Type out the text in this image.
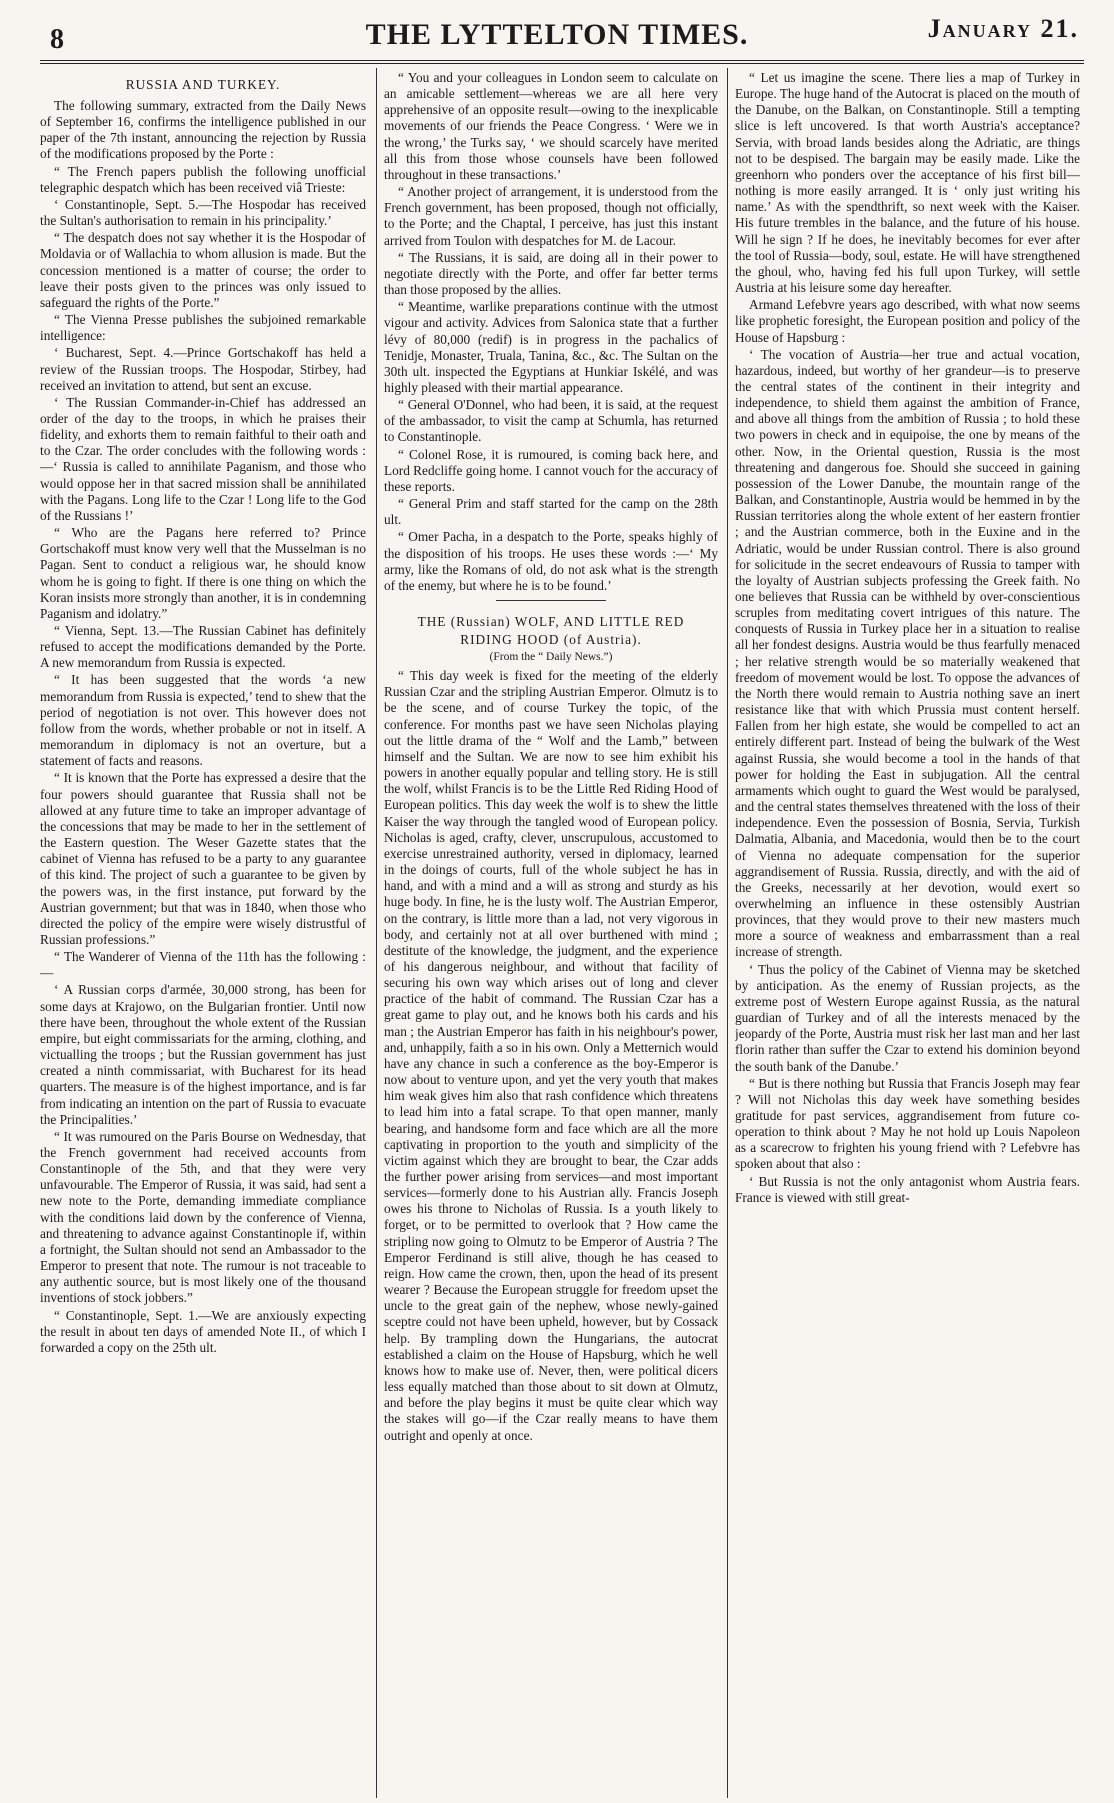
8	THE LYTTELTON TIMES.	January 21.
RUSSIA AND TURKEY.

The following summary, extracted from the Daily News of September 16, confirms the intelligence published in our paper of the 7th instant, announcing the rejection by Russia of the modifications proposed by the Porte :

“ The French papers publish the following unofficial telegraphic despatch which has been received viâ Trieste:

‘ Constantinople, Sept. 5.—The Hospodar has received the Sultan's authorisation to remain in his principality.’

“ The despatch does not say whether it is the Hospodar of Moldavia or of Wallachia to whom allusion is made. But the concession mentioned is a matter of course; the order to leave their posts given to the princes was only issued to safeguard the rights of the Porte.”

“ The Vienna Presse publishes the subjoined remarkable intelligence:

‘ Bucharest, Sept. 4.—Prince Gortschakoff has held a review of the Russian troops. The Hospodar, Stirbey, had received an invitation to attend, but sent an excuse.

‘ The Russian Commander-in-Chief has addressed an order of the day to the troops, in which he praises their fidelity, and exhorts them to remain faithful to their oath and to the Czar. The order concludes with the following words :—‘ Russia is called to annihilate Paganism, and those who would oppose her in that sacred mission shall be annihilated with the Pagans. Long life to the Czar ! Long life to the God of the Russians !’

“ Who are the Pagans here referred to? Prince Gortschakoff must know very well that the Musselman is no Pagan. Sent to conduct a religious war, he should know whom he is going to fight. If there is one thing on which the Koran insists more strongly than another, it is in condemning Paganism and idolatry.”

“ Vienna, Sept. 13.—The Russian Cabinet has definitely refused to accept the modifications demanded by the Porte. A new memorandum from Russia is expected.

“ It has been suggested that the words ‘a new memorandum from Russia is expected,’ tend to shew that the period of negotiation is not over. This however does not follow from the words, whether probable or not in itself. A memorandum in diplomacy is not an overture, but a statement of facts and reasons.

“ It is known that the Porte has expressed a desire that the four powers should guarantee that Russia shall not be allowed at any future time to take an improper advantage of the concessions that may be made to her in the settlement of the Eastern question. The Weser Gazette states that the cabinet of Vienna has refused to be a party to any guarantee of this kind. The project of such a guarantee to be given by the powers was, in the first instance, put forward by the Austrian government; but that was in 1840, when those who directed the policy of the empire were wisely distrustful of Russian professions.”

“ The Wanderer of Vienna of the 11th has the following :—

‘ A Russian corps d'armée, 30,000 strong, has been for some days at Krajowo, on the Bulgarian frontier. Until now there have been, throughout the whole extent of the Russian empire, but eight commissariats for the arming, clothing, and victualling the troops ; but the Russian government has just created a ninth commissariat, with Bucharest for its head quarters. The measure is of the highest importance, and is far from indicating an intention on the part of Russia to evacuate the Principalities.’

“ It was rumoured on the Paris Bourse on Wednesday, that the French government had received accounts from Constantinople of the 5th, and that they were very unfavourable. The Emperor of Russia, it was said, had sent a new note to the Porte, demanding immediate compliance with the conditions laid down by the conference of Vienna, and threatening to advance against Constantinople if, within a fortnight, the Sultan should not send an Ambassador to the Emperor to present that note. The rumour is not traceable to any authentic source, but is most likely one of the thousand inventions of stock jobbers.”

“ Constantinople, Sept. 1.—We are anxiously expecting the result in about ten days of amended Note II., of which I forwarded a copy on the 25th ult.

“ You and your colleagues in London seem to calculate on an amicable settlement—whereas we are all here very apprehensive of an opposite result—owing to the inexplicable movements of our friends the Peace Congress. ‘ Were we in the wrong,’ the Turks say, ‘ we should scarcely have merited all this from those whose counsels have been followed throughout in these transactions.’

“ Another project of arrangement, it is understood from the French government, has been proposed, though not officially, to the Porte; and the Chaptal, I perceive, has just this instant arrived from Toulon with despatches for M. de Lacour.

“ The Russians, it is said, are doing all in their power to negotiate directly with the Porte, and offer far better terms than those proposed by the allies.

“ Meantime, warlike preparations continue with the utmost vigour and activity. Advices from Salonica state that a further lévy of 80,000 (redif) is in progress in the pachalics of Tenidje, Monaster, Truala, Tanina, &c., &c. The Sultan on the 30th ult. inspected the Egyptians at Hunkiar Iskélé, and was highly pleased with their martial appearance.

“ General O'Donnel, who had been, it is said, at the request of the ambassador, to visit the camp at Schumla, has returned to Constantinople.

“ Colonel Rose, it is rumoured, is coming back here, and Lord Redcliffe going home. I cannot vouch for the accuracy of these reports.

“ General Prim and staff started for the camp on the 28th ult.

“ Omer Pacha, in a despatch to the Porte, speaks highly of the disposition of his troops. He uses these words :—‘ My army, like the Romans of old, do not ask what is the strength of the enemy, but where he is to be found.’

THE (Russian) WOLF, AND LITTLE RED
RIDING HOOD (of Austria).
(From the “ Daily News.”)

“ This day week is fixed for the meeting of the elderly Russian Czar and the stripling Austrian Emperor. Olmutz is to be the scene, and of course Turkey the topic, of the conference. For months past we have seen Nicholas playing out the little drama of the “ Wolf and the Lamb,” between himself and the Sultan. We are now to see him exhibit his powers in another equally popular and telling story. He is still the wolf, whilst Francis is to be the Little Red Riding Hood of European politics. This day week the wolf is to shew the little Kaiser the way through the tangled wood of European policy. Nicholas is aged, crafty, clever, unscrupulous, accustomed to exercise unrestrained authority, versed in diplomacy, learned in the doings of courts, full of the whole subject he has in hand, and with a mind and a will as strong and sturdy as his huge body. In fine, he is the lusty wolf. The Austrian Emperor, on the contrary, is little more than a lad, not very vigorous in body, and certainly not at all over burthened with mind ; destitute of the knowledge, the judgment, and the experience of his dangerous neighbour, and without that facility of securing his own way which arises out of long and clever practice of the habit of command. The Russian Czar has a great game to play out, and he knows both his cards and his man ; the Austrian Emperor has faith in his neighbour's power, and, unhappily, faith a so in his own. Only a Metternich would have any chance in such a conference as the boy-Emperor is now about to venture upon, and yet the very youth that makes him weak gives him also that rash confidence which threatens to lead him into a fatal scrape. To that open manner, manly bearing, and handsome form and face which are all the more captivating in proportion to the youth and simplicity of the victim against which they are brought to bear, the Czar adds the further power arising from services—and most important services—formerly done to his Austrian ally. Francis Joseph owes his throne to Nicholas of Russia. Is a youth likely to forget, or to be permitted to overlook that ? How came the stripling now going to Olmutz to be Emperor of Austria ? The Emperor Ferdinand is still alive, though he has ceased to reign. How came the crown, then, upon the head of its present wearer ? Because the European struggle for freedom upset the uncle to the great gain of the nephew, whose newly-gained sceptre could not have been upheld, however, but by Cossack help. By trampling down the Hungarians, the autocrat established a claim on the House of Hapsburg, which he well knows how to make use of. Never, then, were political dicers less equally matched than those about to sit down at Olmutz, and before the play begins it must be quite clear which way the stakes will go—if the Czar really means to have them outright and openly at once.

“ Let us imagine the scene. There lies a map of Turkey in Europe. The huge hand of the Autocrat is placed on the mouth of the Danube, on the Balkan, on Constantinople. Still a tempting slice is left uncovered. Is that worth Austria's acceptance? Servia, with broad lands besides along the Adriatic, are things not to be despised. The bargain may be easily made. Like the greenhorn who ponders over the acceptance of his first bill—nothing is more easily arranged. It is ‘ only just writing his name.’ As with the spendthrift, so next week with the Kaiser. His future trembles in the balance, and the future of his house. Will he sign ? If he does, he inevitably becomes for ever after the tool of Russia—body, soul, estate. He will have strengthened the ghoul, who, having fed his full upon Turkey, will settle Austria at his leisure some day hereafter.

Armand Lefebvre years ago described, with what now seems like prophetic foresight, the European position and policy of the House of Hapsburg :

‘ The vocation of Austria—her true and actual vocation, hazardous, indeed, but worthy of her grandeur—is to preserve the central states of the continent in their integrity and independence, to shield them against the ambition of France, and above all things from the ambition of Russia ; to hold these two powers in check and in equipoise, the one by means of the other. Now, in the Oriental question, Russia is the most threatening and dangerous foe. Should she succeed in gaining possession of the Lower Danube, the mountain range of the Balkan, and Constantinople, Austria would be hemmed in by the Russian territories along the whole extent of her eastern frontier ; and the Austrian commerce, both in the Euxine and in the Adriatic, would be under Russian control. There is also ground for solicitude in the secret endeavours of Russia to tamper with the loyalty of Austrian subjects professing the Greek faith. No one believes that Russia can be withheld by over-conscientious scruples from meditating covert intrigues of this nature. The conquests of Russia in Turkey place her in a situation to realise all her fondest designs. Austria would be thus fearfully menaced ; her relative strength would be so materially weakened that freedom of movement would be lost. To oppose the advances of the North there would remain to Austria nothing save an inert resistance like that with which Prussia must content herself. Fallen from her high estate, she would be compelled to act an entirely different part. Instead of being the bulwark of the West against Russia, she would become a tool in the hands of that power for holding the East in subjugation. All the central armaments which ought to guard the West would be paralysed, and the central states themselves threatened with the loss of their independence. Even the possession of Bosnia, Servia, Turkish Dalmatia, Albania, and Macedonia, would then be to the court of Vienna no adequate compensation for the superior aggrandisement of Russia. Russia, directly, and with the aid of the Greeks, necessarily at her devotion, would exert so overwhelming an influence in these ostensibly Austrian provinces, that they would prove to their new masters much more a source of weakness and embarrassment than a real increase of strength.

‘ Thus the policy of the Cabinet of Vienna may be sketched by anticipation. As the enemy of Russian projects, as the extreme post of Western Europe against Russia, as the natural guardian of Turkey and of all the interests menaced by the jeopardy of the Porte, Austria must risk her last man and her last florin rather than suffer the Czar to extend his dominion beyond the south bank of the Danube.’

“ But is there nothing but Russia that Francis Joseph may fear ? Will not Nicholas this day week have something besides gratitude for past services, aggrandisement from future co-operation to think about ? May he not hold up Louis Napoleon as a scarecrow to frighten his young friend with ? Lefebvre has spoken about that also :

‘ But Russia is not the only antagonist whom Austria fears. France is viewed with still great-
